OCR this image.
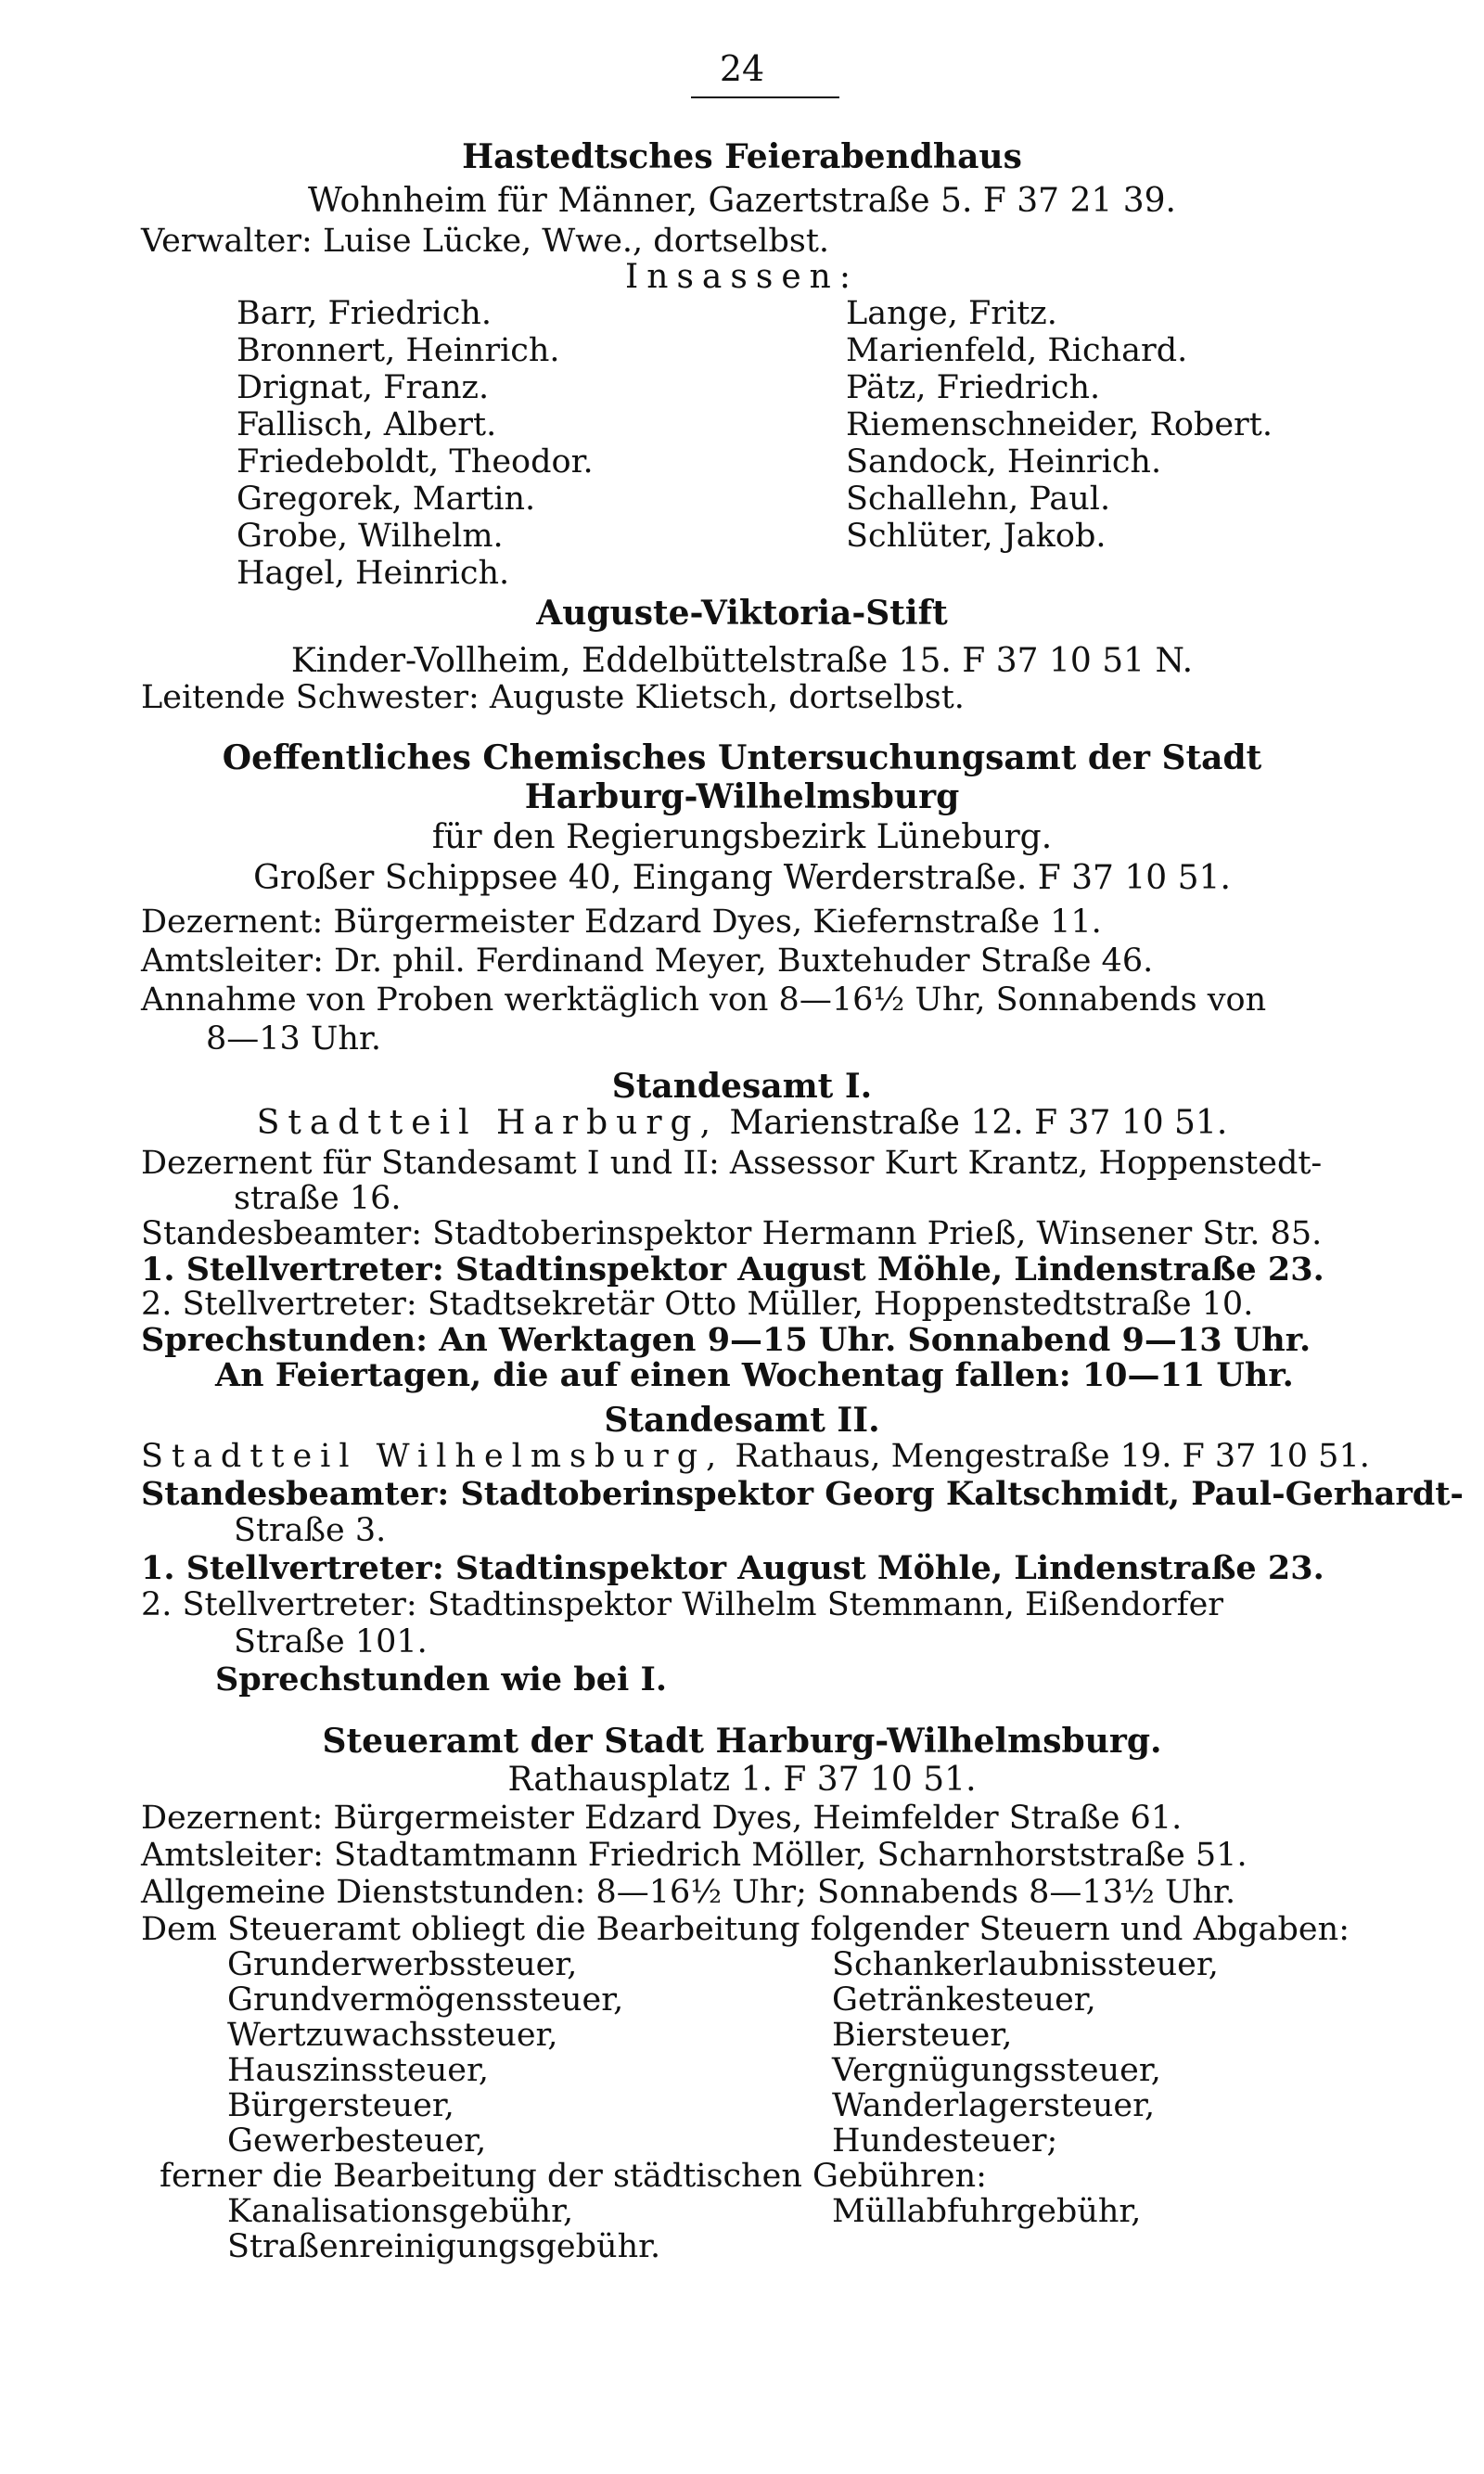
24
Hastedtsches Feierabendhaus
Wohnheim für Männer, Gazertstraße 5. F 37 21 39.
Verwalter: Luise Lücke, Wwe., dortselbst.
Insassen:
Barr, Friedrich.
Bronnert, Heinrich.
Drignat, Franz.
Fallisch, Albert.
Friedeboldt, Theodor.
Gregorek, Martin.
Grobe, Wilhelm.
Hagel, Heinrich.
Lange, Fritz.
Marienfeld, Richard.
Pätz, Friedrich.
Riemenschneider, Robert.
Sandock, Heinrich.
Schallehn, Paul.
Schlüter, Jakob.
Auguste-Viktoria-Stift
Kinder-Vollheim, Eddelbüttelstraße 15. F 37 10 51 N.
Leitende Schwester: Auguste Klietsch, dortselbst.
Oeffentliches Chemisches Untersuchungsamt der Stadt
Harburg-Wilhelmsburg
für den Regierungsbezirk Lüneburg.
Großer Schippsee 40, Eingang Werderstraße. F 37 10 51.
Dezernent: Bürgermeister Edzard Dyes, Kiefernstraße 11.
Amtsleiter: Dr. phil. Ferdinand Meyer, Buxtehuder Straße 46.
Annahme von Proben werktäglich von 8—16½ Uhr, Sonnabends von
8—13 Uhr.
Standesamt I.
Stadtteil Harburg, Marienstraße 12. F 37 10 51.
Dezernent für Standesamt I und II: Assessor Kurt Krantz, Hoppenstedt-
straße 16.
Standesbeamter: Stadtoberinspektor Hermann Prieß, Winsener Str. 85.
1. Stellvertreter: Stadtinspektor August Möhle, Lindenstraße 23.
2. Stellvertreter: Stadtsekretär Otto Müller, Hoppenstedtstraße 10.
Sprechstunden: An Werktagen 9—15 Uhr. Sonnabend 9—13 Uhr.
An Feiertagen, die auf einen Wochentag fallen: 10—11 Uhr.
Standesamt II.
Stadtteil Wilhelmsburg, Rathaus, Mengestraße 19. F 37 10 51.
Standesbeamter: Stadtoberinspektor Georg Kaltschmidt, Paul-Gerhardt-
Straße 3.
1. Stellvertreter: Stadtinspektor August Möhle, Lindenstraße 23.
2. Stellvertreter: Stadtinspektor Wilhelm Stemmann, Eißendorfer
Straße 101.
Sprechstunden wie bei I.
Steueramt der Stadt Harburg-Wilhelmsburg.
Rathausplatz 1. F 37 10 51.
Dezernent: Bürgermeister Edzard Dyes, Heimfelder Straße 61.
Amtsleiter: Stadtamtmann Friedrich Möller, Scharnhorststraße 51.
Allgemeine Dienststunden: 8—16½ Uhr; Sonnabends 8—13½ Uhr.
Dem Steueramt obliegt die Bearbeitung folgender Steuern und Abgaben:
Grunderwerbssteuer,
Grundvermögenssteuer,
Wertzuwachssteuer,
Hauszinssteuer,
Bürgersteuer,
Gewerbesteuer,
Schankerlaubnissteuer,
Getränkesteuer,
Biersteuer,
Vergnügungssteuer,
Wanderlagersteuer,
Hundesteuer;
ferner die Bearbeitung der städtischen Gebühren:
Kanalisationsgebühr,
Straßenreinigungsgebühr.
Müllabfuhrgebühr,
